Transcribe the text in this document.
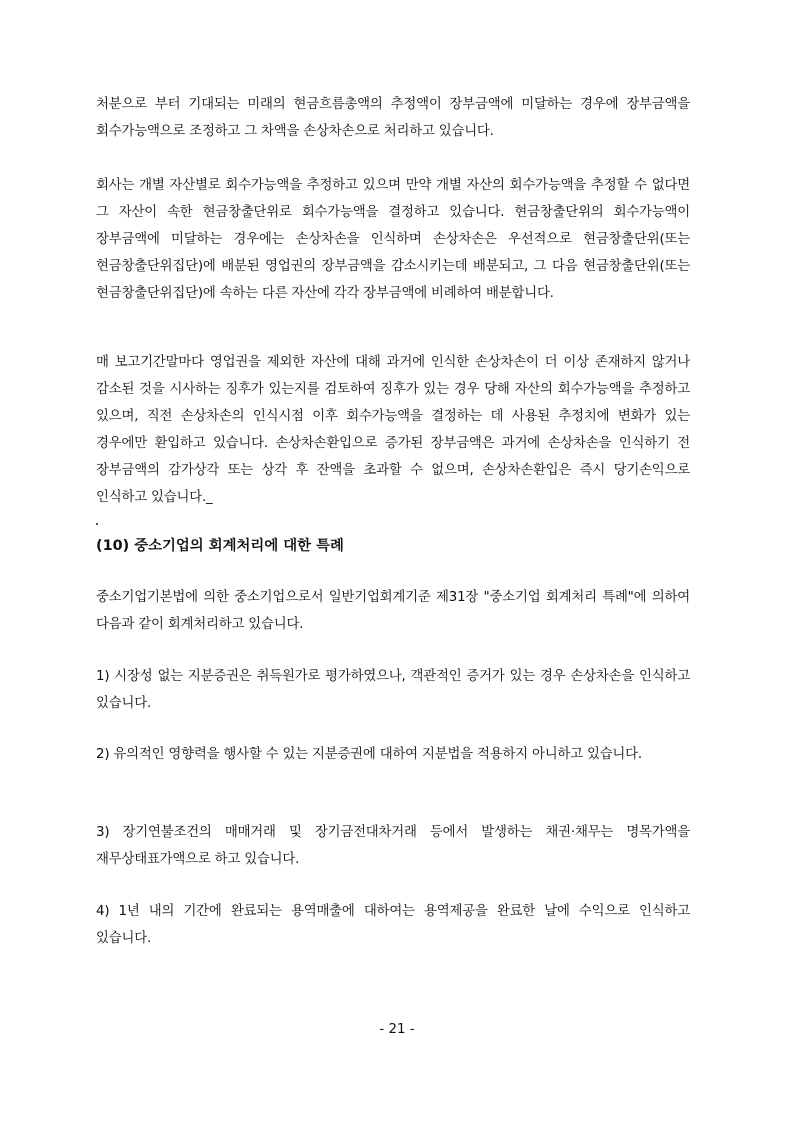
처분으로 부터 기대되는 미래의 현금흐름총액의 추정액이 장부금액에 미달하는 경우에 장부금액을 회수가능액으로 조정하고 그 차액을 손상차손으로 처리하고 있습니다.

회사는 개별 자산별로 회수가능액을 추정하고 있으며 만약 개별 자산의 회수가능액을 추정할 수 없다면 그 자산이 속한 현금창출단위로 회수가능액을 결정하고 있습니다. 현금창출단위의 회수가능액이 장부금액에 미달하는 경우에는 손상차손을 인식하며 손상차손은 우선적으로 현금창출단위(또는 현금창출단위집단)에 배분된 영업권의 장부금액을 감소시키는데 배분되고, 그 다음 현금창출단위(또는 현금창출단위집단)에 속하는 다른 자산에 각각 장부금액에 비례하여 배분합니다.

매 보고기간말마다 영업권을 제외한 자산에 대해 과거에 인식한 손상차손이 더 이상 존재하지 않거나 감소된 것을 시사하는 징후가 있는지를 검토하여 징후가 있는 경우 당해 자산의 회수가능액을 추정하고 있으며, 직전 손상차손의 인식시점 이후 회수가능액을 결정하는 데 사용된 추정치에 변화가 있는 경우에만 환입하고 있습니다. 손상차손환입으로 증가된 장부금액은 과거에 손상차손을 인식하기 전 장부금액의 감가상각 또는 상각 후 잔액을 초과할 수 없으며, 손상차손환입은 즉시 당기손익으로 인식하고 있습니다._

(10) 중소기업의 회계처리에 대한 특례

중소기업기본법에 의한 중소기업으로서 일반기업회계기준 제31장 "중소기업 회계처리 특례"에 의하여 다음과 같이 회계처리하고 있습니다.

1) 시장성 없는 지분증권은 취득원가로 평가하였으나, 객관적인 증거가 있는 경우 손상차손을 인식하고 있습니다.

2) 유의적인 영향력을 행사할 수 있는 지분증권에 대하여 지분법을 적용하지 아니하고 있습니다.

3) 장기연불조건의 매매거래 및 장기금전대차거래 등에서 발생하는 채권·채무는 명목가액을 재무상태표가액으로 하고 있습니다.

4) 1년 내의 기간에 완료되는 용역매출에 대하여는 용역제공을 완료한 날에 수익으로 인식하고 있습니다.

- 21 -
